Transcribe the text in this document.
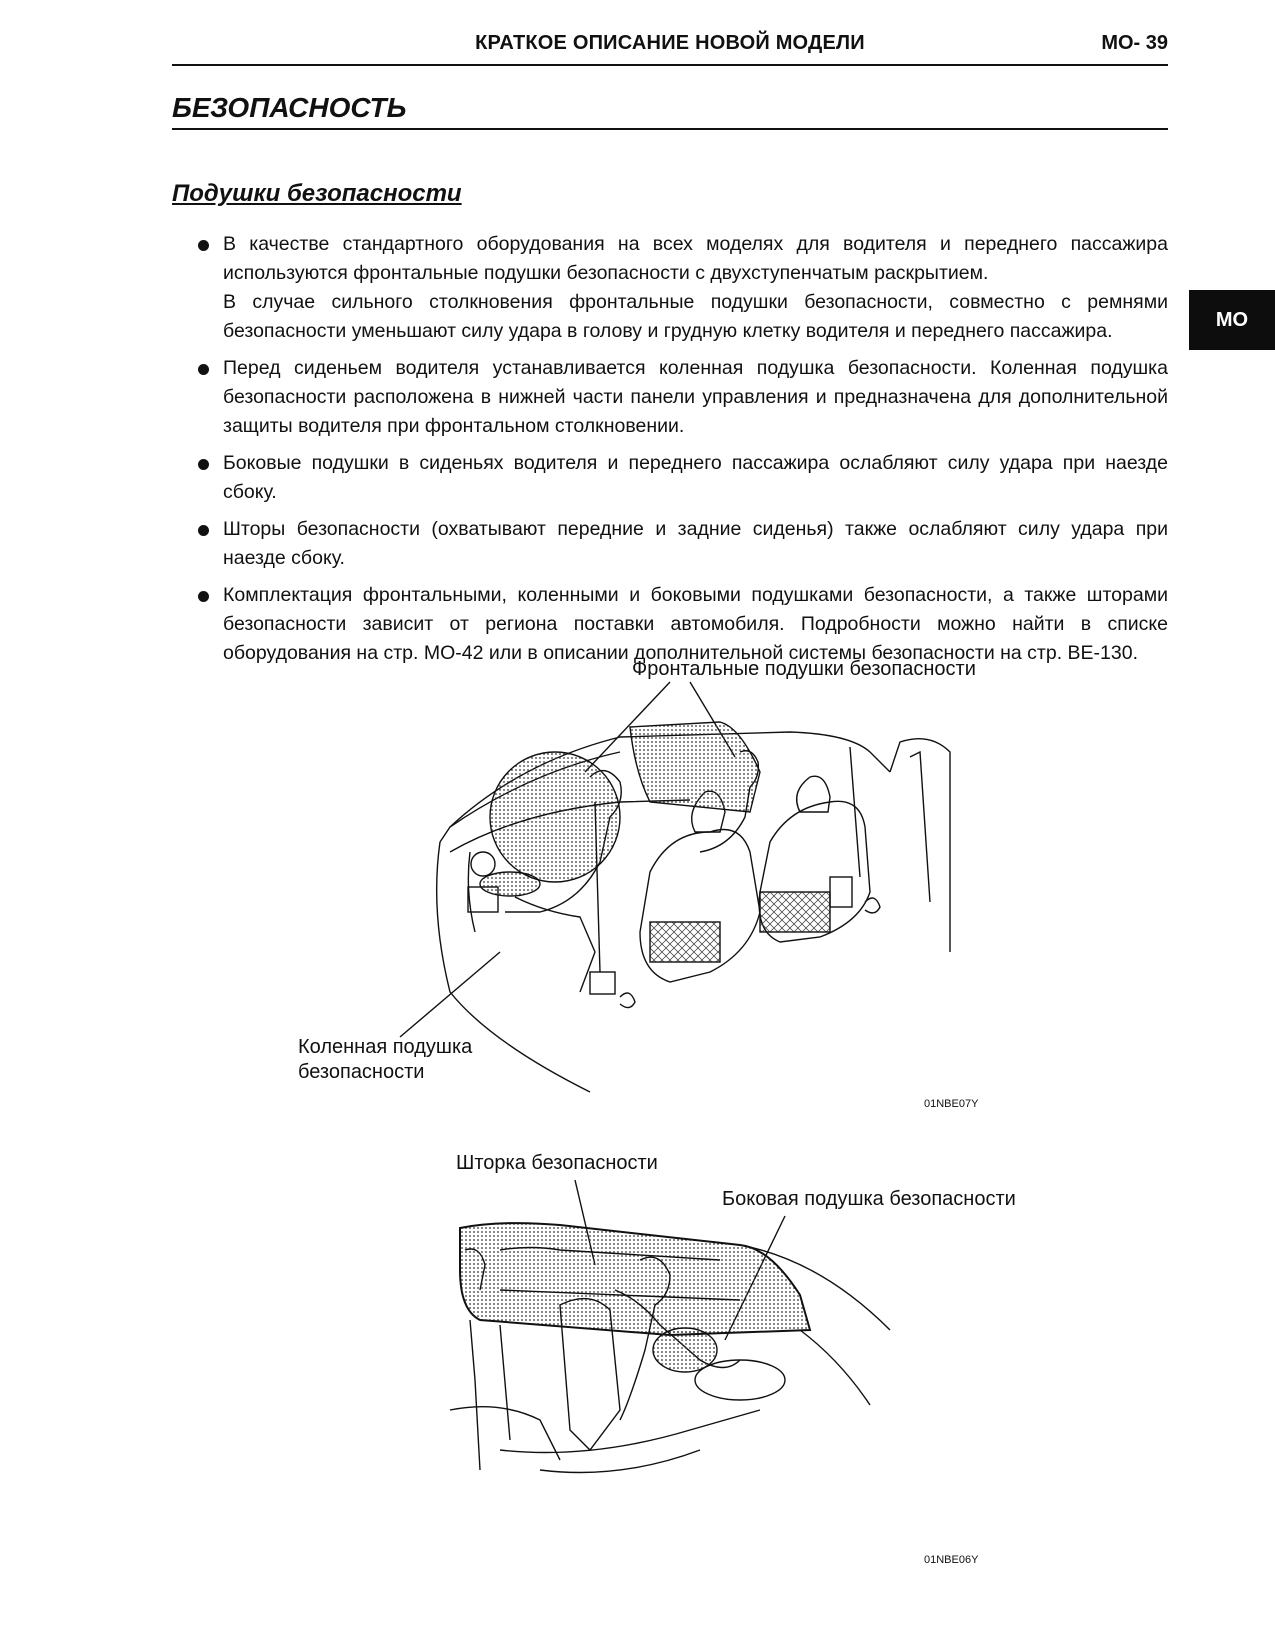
КРАТКОЕ ОПИСАНИЕ НОВОЙ МОДЕЛИ	MO- 39
БЕЗОПАСНОСТЬ
MO
Подушки безопасности

В качестве стандартного оборудования на всех моделях для водителя и переднего пассажира используются фронтальные подушки безопасности с двухступенчатым раскрытием.

В случае сильного столкновения фронтальные подушки безопасности, совместно с ремнями безопасности уменьшают силу удара в голову и грудную клетку водителя и переднего пассажира.

Перед сиденьем водителя устанавливается коленная подушка безопасности. Коленная подушка безопасности расположена в нижней части панели управления и предназначена для дополнительной защиты водителя при фронтальном столкновении.

Боковые подушки в сиденьях водителя и переднего пассажира ослабляют силу удара при наезде сбоку.

Шторы безопасности (охватывают передние и задние сиденья) также ослабляют силу удара при наезде сбоку.

Комплектация фронтальными, коленными и боковыми подушками безопасности, а также шторами безопасности зависит от региона поставки автомобиля. Подробности можно найти в списке оборудования на стр. MO-42 или в описании дополнительной системы безопасности на стр. BE-130.

Фронтальные подушки безопасности
Коленная подушка
безопасности
01NBE07Y
Шторка безопасности
Боковая подушка безопасности
01NBE06Y
